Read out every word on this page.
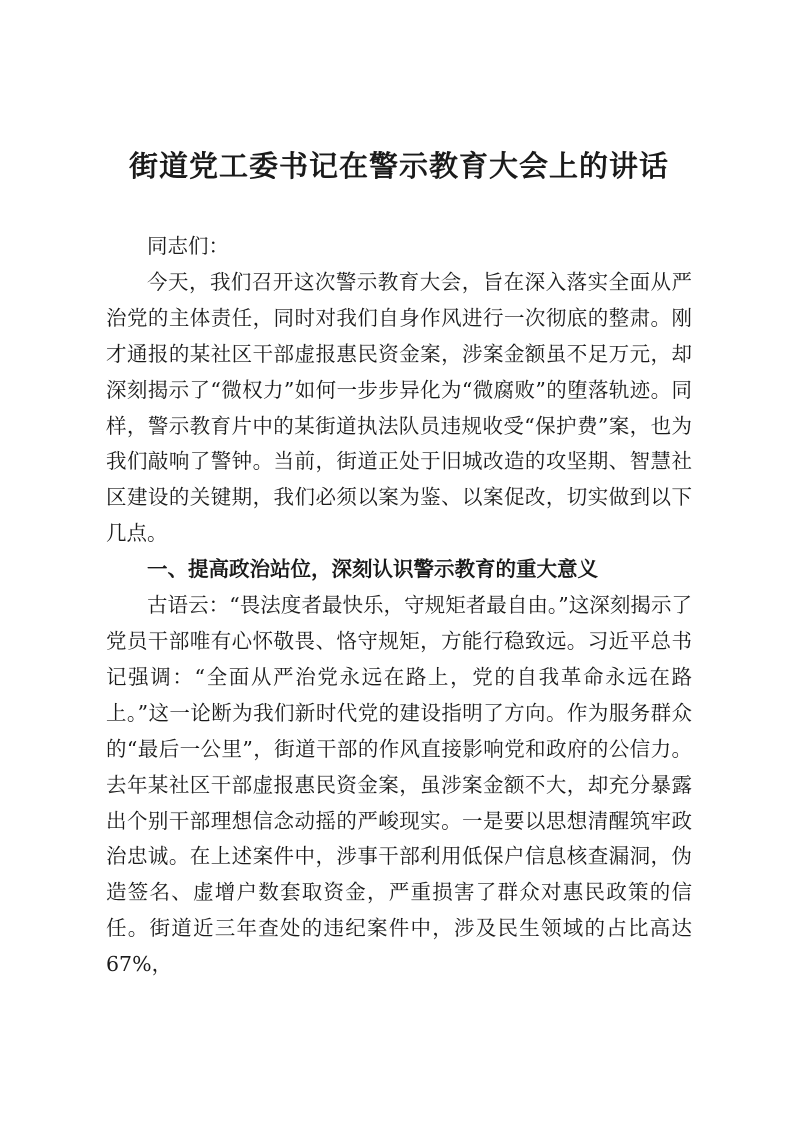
街道党工委书记在警示教育大会上的讲话

同志们：

今天，我们召开这次警示教育大会，旨在深入落实全面从严治党的主体责任，同时对我们自身作风进行一次彻底的整肃。刚才通报的某社区干部虚报惠民资金案，涉案金额虽不足万元，却深刻揭示了“微权力”如何一步步异化为“微腐败”的堕落轨迹。同样，警示教育片中的某街道执法队员违规收受“保护费”案，也为我们敲响了警钟。当前，街道正处于旧城改造的攻坚期、智慧社区建设的关键期，我们必须以案为鉴、以案促改，切实做到以下几点。

一、提高政治站位，深刻认识警示教育的重大意义

古语云：“畏法度者最快乐，守规矩者最自由。”这深刻揭示了党员干部唯有心怀敬畏、恪守规矩，方能行稳致远。习近平总书记强调：“全面从严治党永远在路上，党的自我革命永远在路上。”这一论断为我们新时代党的建设指明了方向。作为服务群众的“最后一公里”，街道干部的作风直接影响党和政府的公信力。去年某社区干部虚报惠民资金案，虽涉案金额不大，却充分暴露出个别干部理想信念动摇的严峻现实。一是要以思想清醒筑牢政治忠诚。在上述案件中，涉事干部利用低保户信息核查漏洞，伪造签名、虚增户数套取资金，严重损害了群众对惠民政策的信任。街道近三年查处的违纪案件中，涉及民生领域的占比高达67%，
